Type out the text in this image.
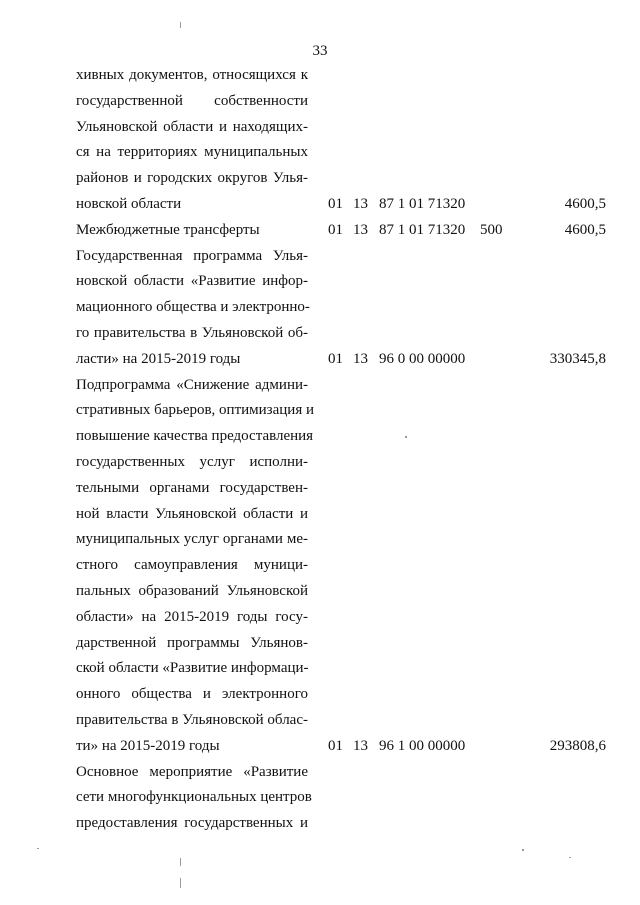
33
хивных документов, относящихся к
государственной собственности
Ульяновской области и находящих-
ся на территориях муниципальных
районов и городских округов Улья-
новской области	01 13 87 1 01 71320	4600,5
Межбюджетные трансферты	01 13 87 1 01 71320 500	4600,5
Государственная программа Улья-
новской области «Развитие инфор-
мационного общества и электронно-
го правительства в Ульяновской об-
ласти» на 2015-2019 годы	01 13 96 0 00 00000	330345,8
Подпрограмма «Снижение админи-
стративных барьеров, оптимизация и
повышение качества предоставления
государственных услуг исполни-
тельными органами государствен-
ной власти Ульяновской области и
муниципальных услуг органами ме-
стного самоуправления муници-
пальных образований Ульяновской
области» на 2015-2019 годы госу-
дарственной программы Ульянов-
ской области «Развитие информаци-
онного общества и электронного
правительства в Ульяновской облас-
ти» на 2015-2019 годы	01 13 96 1 00 00000	293808,6
Основное мероприятие «Развитие
сети многофункциональных центров
предоставления государственных и
